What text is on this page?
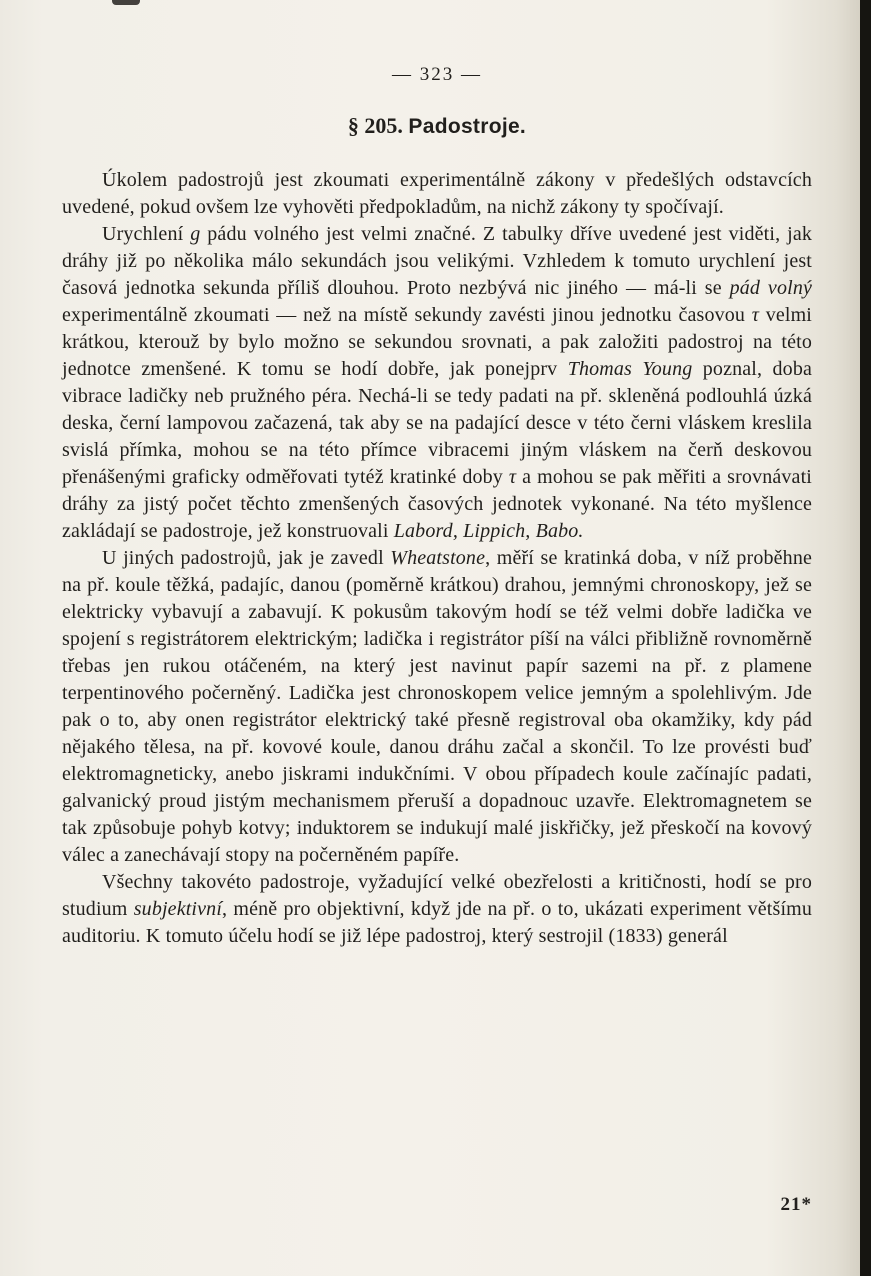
— 323 —
§ 205. Padostroje.

Úkolem padostrojů jest zkoumati experimentálně zákony v předešlých odstavcích uvedené, pokud ovšem lze vyhověti předpokladům, na nichž zákony ty spočívají.

Urychlení g pádu volného jest velmi značné. Z tabulky dříve uvedené jest viděti, jak dráhy již po několika málo sekundách jsou velikými. Vzhledem k tomuto urychlení jest časová jednotka sekunda příliš dlouhou. Proto nezbývá nic jiného — má-li se pád volný experimentálně zkoumati — než na místě sekundy zavésti jinou jednotku časovou τ velmi krátkou, kterouž by bylo možno se sekundou srovnati, a pak založiti padostroj na této jednotce zmenšené. K tomu se hodí dobře, jak ponejprv Thomas Young poznal, doba vibrace ladičky neb pružného péra. Nechá-li se tedy padati na př. skleněná podlouhlá úzká deska, černí lampovou začazená, tak aby se na padající desce v této černi vláskem kreslila svislá přímka, mohou se na této přímce vibracemi jiným vláskem na čerň deskovou přenášenými graficky odměřovati tytéž kratinké doby τ a mohou se pak měřiti a srovnávati dráhy za jistý počet těchto zmenšených časových jednotek vykonané. Na této myšlence zakládají se padostroje, jež konstruovali Labord, Lippich, Babo.

U jiných padostrojů, jak je zavedl Wheatstone, měří se kratinká doba, v níž proběhne na př. koule těžká, padajíc, danou (poměrně krátkou) drahou, jemnými chronoskopy, jež se elektricky vybavují a zabavují. K pokusům takovým hodí se též velmi dobře ladička ve spojení s registrátorem elektrickým; ladička i registrátor píší na válci přibližně rovnoměrně třebas jen rukou otáčeném, na který jest navinut papír sazemi na př. z plamene terpentinového počerněný. Ladička jest chronoskopem velice jemným a spolehlivým. Jde pak o to, aby onen registrátor elektrický také přesně registroval oba okamžiky, kdy pád nějakého tělesa, na př. kovové koule, danou dráhu začal a skončil. To lze provésti buď elektromagneticky, anebo jiskrami indukčními. V obou případech koule začínajíc padati, galvanický proud jistým mechanismem přeruší a dopadnouc uzavře. Elektromagnetem se tak způsobuje pohyb kotvy; induktorem se indukují malé jiskřičky, jež přeskočí na kovový válec a zanechávají stopy na počerněném papíře.

Všechny takovéto padostroje, vyžadující velké obezřelosti a kritičnosti, hodí se pro studium subjektivní, méně pro objektivní, když jde na př. o to, ukázati experiment většímu auditoriu. K tomuto účelu hodí se již lépe padostroj, který sestrojil (1833) generál

21*
